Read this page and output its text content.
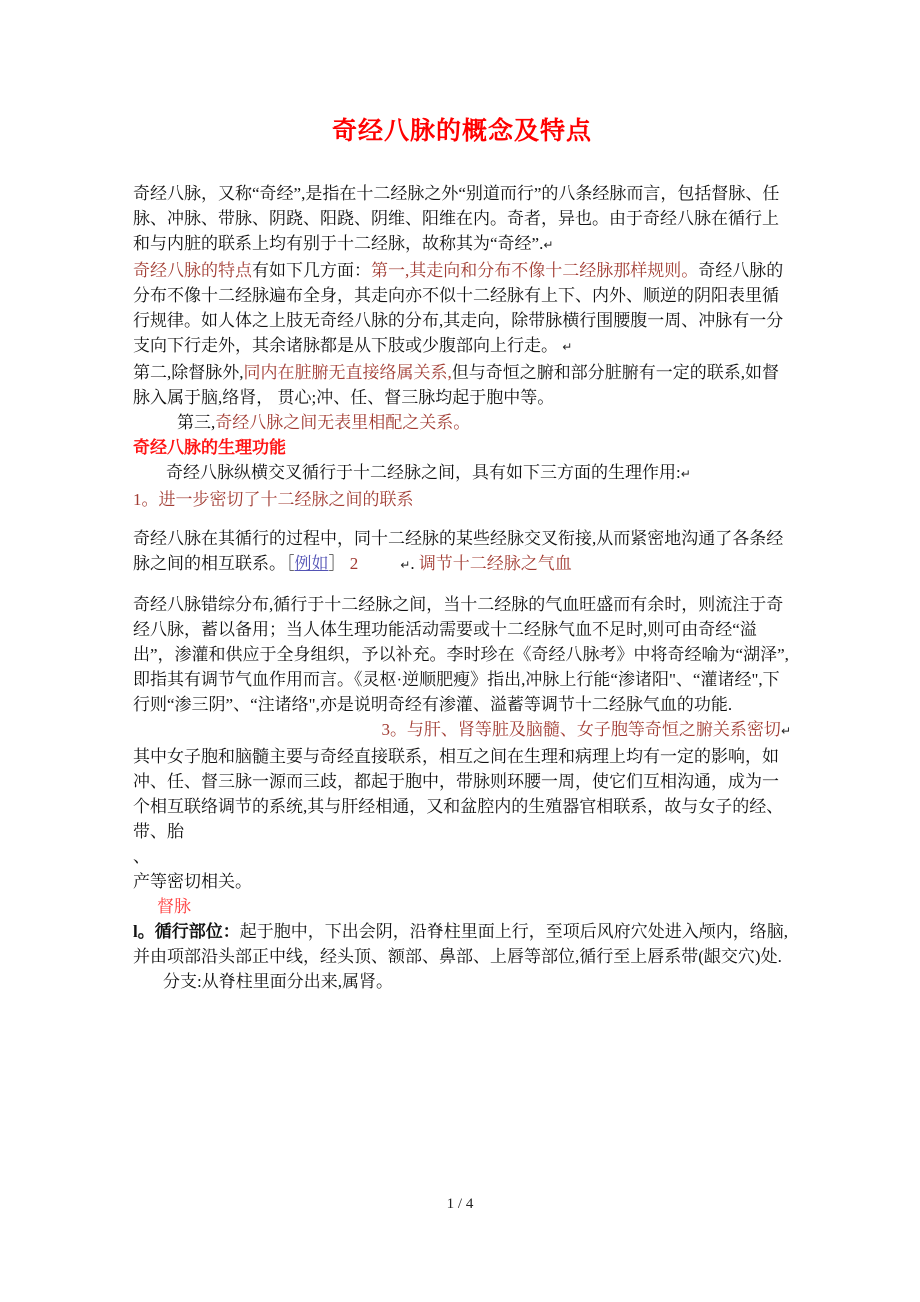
奇经八脉的概念及特点

奇经八脉，又称“奇经”,是指在十二经脉之外“别道而行”的八条经脉而言，包括督脉、任脉、冲脉、带脉、阴跷、阳跷、阴维、阳维在内。奇者，异也。由于奇经八脉在循行上和与内脏的联系上均有别于十二经脉，故称其为“奇经”.↵

奇经八脉的特点有如下几方面：第一,其走向和分布不像十二经脉那样规则。奇经八脉的分布不像十二经脉遍布全身，其走向亦不似十二经脉有上下、内外、顺逆的阴阳表里循行规律。如人体之上肢无奇经八脉的分布,其走向，除带脉横行围腰腹一周、冲脉有一分支向下行走外，其余诸脉都是从下肢或少腹部向上行走。 ↵

第二,除督脉外,同内在脏腑无直接络属关系,但与奇恒之腑和部分脏腑有一定的联系,如督脉入属于脑,络肾， 贯心;冲、任、督三脉均起于胞中等。

第三,奇经八脉之间无表里相配之关系。

奇经八脉的生理功能

奇经八脉纵横交叉循行于十二经脉之间，具有如下三方面的生理作用:↵

1。进一步密切了十二经脉之间的联系

奇经八脉在其循行的过程中，同十二经脉的某些经脉交叉衔接,从而紧密地沟通了各条经脉之间的相互联系。［例如］ 2	↵. 调节十二经脉之气血

奇经八脉错综分布,循行于十二经脉之间，当十二经脉的气血旺盛而有余时，则流注于奇经八脉，蓄以备用；当人体生理功能活动需要或十二经脉气血不足时,则可由奇经“溢出”，渗灌和供应于全身组织，予以补充。李时珍在《奇经八脉考》中将奇经喻为“湖泽”,即指其有调节气血作用而言。《灵枢·逆顺肥瘦》指出,冲脉上行能“渗诸阳"、“灌诸经",下行则“渗三阴”、“注诸络",亦是说明奇经有渗灌、溢蓄等调节十二经脉气血的功能.

3。与肝、肾等脏及脑髓、女子胞等奇恒之腑关系密切↵

其中女子胞和脑髓主要与奇经直接联系，相互之间在生理和病理上均有一定的影响，如冲、任、督三脉一源而三歧，都起于胞中，带脉则环腰一周，使它们互相沟通，成为一个相互联络调节的系统,其与肝经相通，又和盆腔内的生殖器官相联系，故与女子的经、带、胎

、

产等密切相关。

督脉

l。循行部位：起于胞中，下出会阴，沿脊柱里面上行，至项后风府穴处进入颅内，络脑,并由项部沿头部正中线，经头顶、额部、鼻部、上唇等部位,循行至上唇系带(龈交穴)处.

分支:从脊柱里面分出来,属肾。

1 / 4
